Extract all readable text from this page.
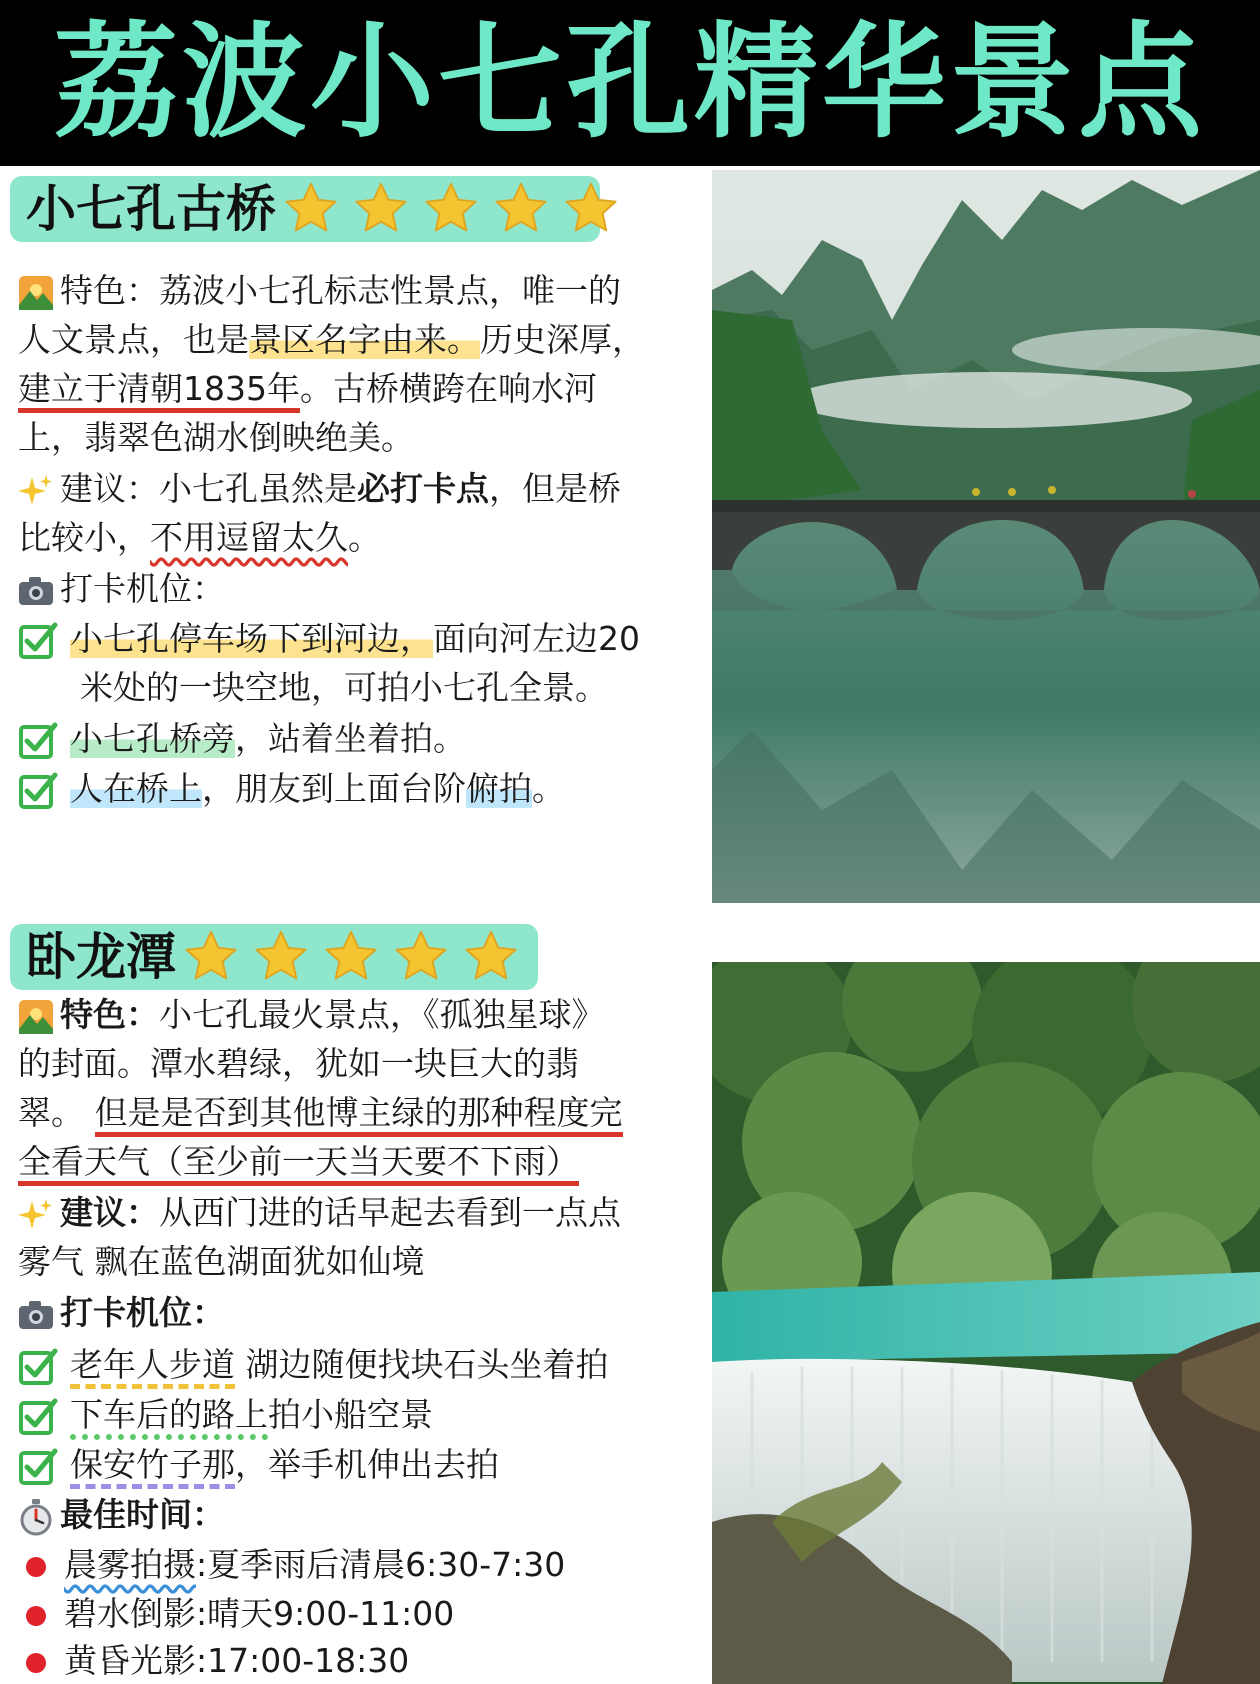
荔波小七孔精华景点
小七孔古桥
特色：荔波小七孔标志性景点，唯一的
人文景点，也是景区名字由来。历史深厚，
建立于清朝1835年。古桥横跨在响水河
上，翡翠色湖水倒映绝美。
建议：小七孔虽然是必打卡点，但是桥
比较小，不用逗留太久。
打卡机位：
小七孔停车场下到河边，面向河左边20
米处的一块空地，可拍小七孔全景。
小七孔桥旁，站着坐着拍。
人在桥上，朋友到上面台阶俯拍。
卧龙潭
特色：小七孔最火景点，《孤独星球》
的封面。潭水碧绿，犹如一块巨大的翡
翠。 但是是否到其他博主绿的那种程度完
全看天气（至少前一天当天要不下雨）
建议：从西门进的话早起去看到一点点
雾气 飘在蓝色湖面犹如仙境
打卡机位：
老年人步道 湖边随便找块石头坐着拍
下车后的路上拍小船空景
保安竹子那，举手机伸出去拍
最佳时间：
晨雾拍摄:夏季雨后清晨6:30-7:30
碧水倒影:晴天9:00-11:00
黄昏光影:17:00-18:30
